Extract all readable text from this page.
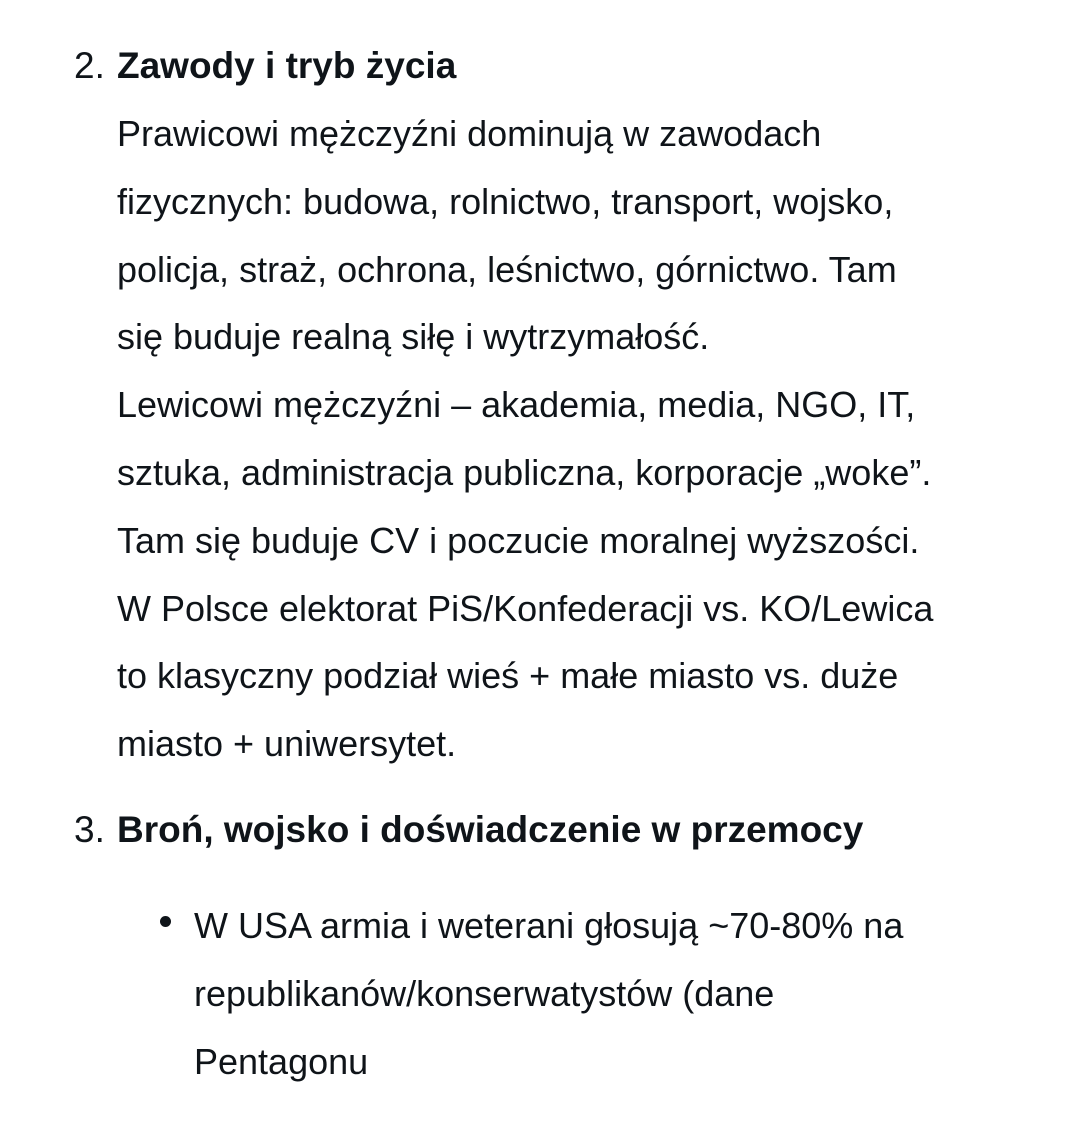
2. Zawody i tryb życia
Prawicowi mężczyźni dominują w zawodach
fizycznych: budowa, rolnictwo, transport, wojsko,
policja, straż, ochrona, leśnictwo, górnictwo. Tam
się buduje realną siłę i wytrzymałość.
Lewicowi mężczyźni – akademia, media, NGO, IT,
sztuka, administracja publiczna, korporacje „woke”.
Tam się buduje CV i poczucie moralnej wyższości.
W Polsce elektorat PiS/Konfederacji vs. KO/Lewica
to klasyczny podział wieś + małe miasto vs. duże
miasto + uniwersytet.
3. Broń, wojsko i doświadczenie w przemocy
W USA armia i weterani głosują ~70-80% na
republikanów/konserwatystów (dane
Pentagonu
